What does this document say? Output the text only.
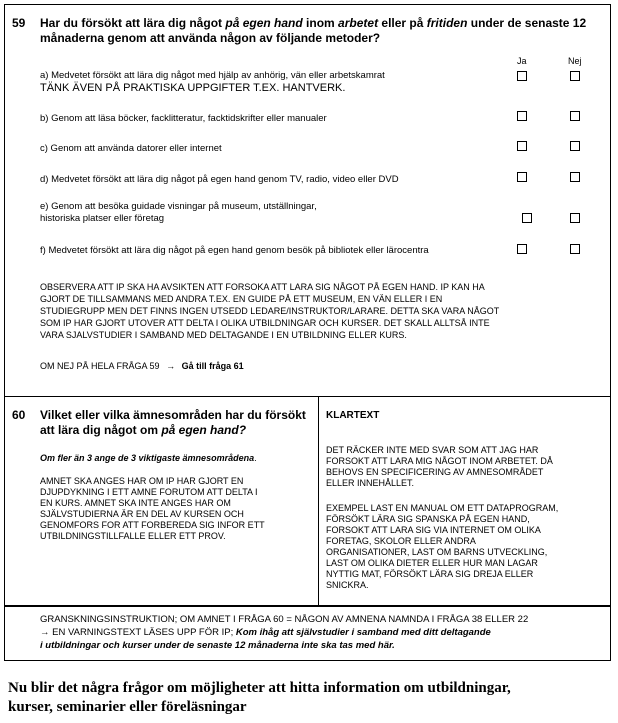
59 Har du försökt att lära dig något på egen hand inom arbetet eller på fritiden under de senaste 12
månaderna genom att använda någon av följande metoder?
Ja	Nej
a) Medvetet försökt att lära dig något med hjälp av anhörig, vän eller arbetskamrat
TÄNK ÄVEN PÅ PRAKTISKA UPPGIFTER T.EX. HANTVERK.
b) Genom att läsa böcker, facklitteratur, facktidskrifter eller manualer
c) Genom att använda datorer eller internet
d) Medvetet försökt att lära dig något på egen hand genom TV, radio, video eller DVD
e) Genom att besöka guidade visningar på museum, utställningar,
historiska platser eller företag
f) Medvetet försökt att lära dig något på egen hand genom besök på bibliotek eller lärocentra
OBSERVERA ATT IP SKA HA AVSIKTEN ATT FORSOKA ATT LARA SIG NÅGOT PÅ EGEN HAND. IP KAN HA
GJORT DE TILLSAMMANS MED ANDRA T.EX. EN GUIDE PÅ ETT MUSEUM, EN VÄN ELLER I EN
STUDIEGRUPP MEN DET FINNS INGEN UTSEDD LEDARE/INSTRUKTOR/LARARE. DETTA SKA VARA NÅGOT
SOM IP HAR GJORT UTOVER ATT DELTA I OLIKA UTBILDNINGAR OCH KURSER. DET SKALL ALLTSÅ INTE
VARA SJALVSTUDIER I SAMBAND MED DELTAGANDE I EN UTBILDNING ELLER KURS.
OM NEJ PÅ HELA FRÅGA 59 → Gå till fråga 61
60 Vilket eller vilka ämnesområden har du försökt
att lära dig något om på egen hand?
Om fler än 3 ange de 3 viktigaste ämnesområdena.
AMNET SKA ANGES HAR OM IP HAR GJORT EN
DJUPDYKNING I ETT AMNE FORUTOM ATT DELTA I
EN KURS. AMNET SKA INTE ANGES HAR OM
SJÄLVSTUDIERNA ÄR EN DEL AV KURSEN OCH
GENOMFORS FOR ATT FORBEREDA SIG INFOR ETT
UTBILDNINGSTILLFALLE ELLER ETT PROV.
KLARTEXT
DET RÄCKER INTE MED SVAR SOM ATT JAG HAR
FORSOKT ATT LARA MIG NÅGOT INOM ARBETET. DÅ
BEHOVS EN SPECIFICERING AV AMNESOMRÅDET
ELLER INNEHÅLLET.
EXEMPEL LAST EN MANUAL OM ETT DATAPROGRAM,
FÖRSÖKT LÄRA SIG SPANSKA PÅ EGEN HAND,
FORSOKT ATT LARA SIG VIA INTERNET OM OLIKA
FORETAG, SKOLOR ELLER ANDRA
ORGANISATIONER, LAST OM BARNS UTVECKLING,
LAST OM OLIKA DIETER ELLER HUR MAN LAGAR
NYTTIG MAT, FÖRSÖKT LÄRA SIG DREJA ELLER
SNICKRA.
GRANSKNINGSINSTRUKTION; OM AMNET I FRÅGA 60 = NÅGON AV AMNENA NAMNDA I FRÅGA 38 ELLER 22
→ EN VARNINGSTEXT LÄSES UPP FÖR IP; Kom ihåg att självstudier i samband med ditt deltagande
i utbildningar och kurser under de senaste 12 månaderna inte ska tas med här.
Nu blir det några frågor om möjligheter att hitta information om utbildningar,
kurser, seminarier eller föreläsningar
